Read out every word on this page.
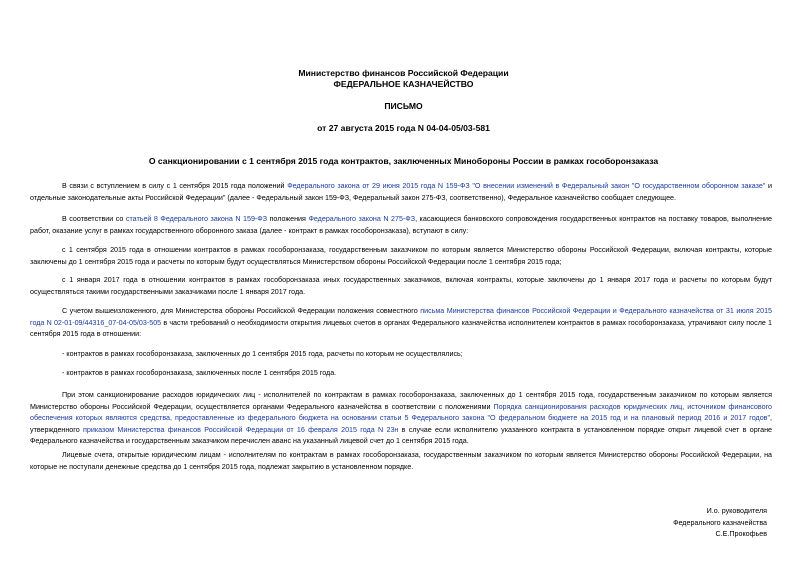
Министерство финансов Российской Федерации

ФЕДЕРАЛЬНОЕ КАЗНАЧЕЙСТВО

ПИСЬМО

от 27 августа 2015 года N 04-04-05/03-581

О санкционировании с 1 сентября 2015 года контрактов, заключенных Минобороны России в рамках гособоронзаказа

В связи с вступлением в силу с 1 сентября 2015 года положений Федерального закона от 29 июня 2015 года N 159-ФЗ "О внесении изменений в Федеральный закон "О государственном оборонном заказе" и отдельные законодательные акты Российской Федерации" (далее - Федеральный закон 159-ФЗ, Федеральный закон 275-ФЗ, соответственно), Федеральное казначейство сообщает следующее.

В соответствии со статьей 8 Федерального закона N 159-ФЗ положения Федерального закона N 275-ФЗ, касающиеся банковского сопровождения государственных контрактов на поставку товаров, выполнение работ, оказание услуг в рамках государственного оборонного заказа (далее - контракт в рамках гособоронзаказа), вступают в силу:

с 1 сентября 2015 года в отношении контрактов в рамках гособоронзаказа, государственным заказчиком по которым является Министерство обороны Российской Федерации, включая контракты, которые заключены до 1 сентября 2015 года и расчеты по которым будут осуществляться Министерством обороны Российской Федерации после 1 сентября 2015 года;

с 1 января 2017 года в отношении контрактов в рамках гособоронзаказа иных государственных заказчиков, включая контракты, которые заключены до 1 января 2017 года и расчеты по которым будут осуществляться такими государственными заказчиками после 1 января 2017 года.

С учетом вышеизложенного, для Министерства обороны Российской Федерации положения совместного письма Министерства финансов Российской Федерации и Федерального казначейства от 31 июля 2015 года N 02-01-09/44316_07-04-05/03-505 в части требований о необходимости открытия лицевых счетов в органах Федерального казначейства исполнителем контрактов в рамках гособоронзаказа, утрачивают силу после 1 сентября 2015 года в отношении:

- контрактов в рамках гособоронзаказа, заключенных до 1 сентября 2015 года, расчеты по которым не осуществлялись;

- контрактов в рамках гособоронзаказа, заключенных после 1 сентября 2015 года.

При этом санкционирование расходов юридических лиц - исполнителей по контрактам в рамках гособоронзаказа, заключенных до 1 сентября 2015 года, государственным заказчиком по которым является Министерство обороны Российской Федерации, осуществляется органами Федерального казначейства в соответствии с положениями Порядка санкционирования расходов юридических лиц, источником финансового обеспечения которых являются средства, предоставленные из федерального бюджета на основании статьи 5 Федерального закона "О федеральном бюджете на 2015 год и на плановый период 2016 и 2017 годов", утвержденного приказом Министерства финансов Российской Федерации от 16 февраля 2015 года N 23н в случае если исполнителю указанного контракта в установленном порядке открыт лицевой счет в органе Федерального казначейства и государственным заказчиком перечислен аванс на указанный лицевой счет до 1 сентября 2015 года.

Лицевые счета, открытые юридическим лицам - исполнителям по контрактам в рамках гособоронзаказа, государственным заказчиком по которым является Министерство обороны Российской Федерации, на которые не поступали денежные средства до 1 сентября 2015 года, подлежат закрытию в установленном порядке.

И.о. руководителя

Федерального казначейства

С.Е.Прокофьев
